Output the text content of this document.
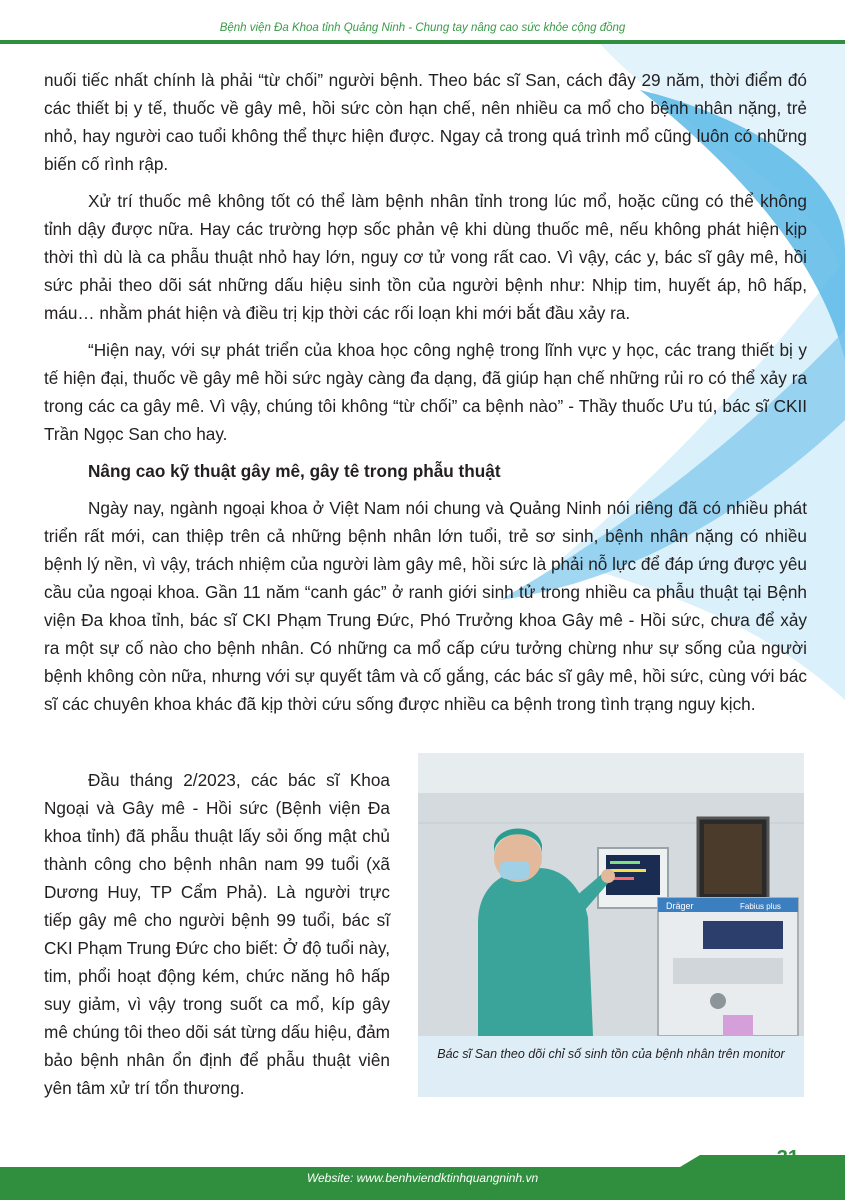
Bệnh viện Đa Khoa tỉnh Quảng Ninh - Chung tay nâng cao sức khỏe cộng đồng

nuối tiếc nhất chính là phải “từ chối” người bệnh. Theo bác sĩ San, cách đây 29 năm, thời điểm đó các thiết bị y tế, thuốc về gây mê, hồi sức còn hạn chế, nên nhiều ca mổ cho bệnh nhân nặng, trẻ nhỏ, hay người cao tuổi không thể thực hiện được. Ngay cả trong quá trình mổ cũng luôn có những biến cố rình rập.

Xử trí thuốc mê không tốt có thể làm bệnh nhân tỉnh trong lúc mổ, hoặc cũng có thể không tỉnh dậy được nữa. Hay các trường hợp sốc phản vệ khi dùng thuốc mê, nếu không phát hiện kịp thời thì dù là ca phẫu thuật nhỏ hay lớn, nguy cơ tử vong rất cao. Vì vậy, các y, bác sĩ gây mê, hồi sức phải theo dõi sát những dấu hiệu sinh tồn của người bệnh như: Nhịp tim, huyết áp, hô hấp, máu… nhằm phát hiện và điều trị kịp thời các rối loạn khi mới bắt đầu xảy ra.

“Hiện nay, với sự phát triển của khoa học công nghệ trong lĩnh vực y học, các trang thiết bị y tế hiện đại, thuốc về gây mê hồi sức ngày càng đa dạng, đã giúp hạn chế những rủi ro có thể xảy ra trong các ca gây mê. Vì vậy, chúng tôi không “từ chối” ca bệnh nào” - Thầy thuốc Ưu tú, bác sĩ CKII Trần Ngọc San cho hay.

Nâng cao kỹ thuật gây mê, gây tê trong phẫu thuật

Ngày nay, ngành ngoại khoa ở Việt Nam nói chung và Quảng Ninh nói riêng đã có nhiều phát triển rất mới, can thiệp trên cả những bệnh nhân lớn tuổi, trẻ sơ sinh, bệnh nhân nặng có nhiều bệnh lý nền, vì vậy, trách nhiệm của người làm gây mê, hồi sức là phải nỗ lực để đáp ứng được yêu cầu của ngoại khoa. Gần 11 năm “canh gác” ở ranh giới sinh tử trong nhiều ca phẫu thuật tại Bệnh viện Đa khoa tỉnh, bác sĩ CKI Phạm Trung Đức, Phó Trưởng khoa Gây mê - Hồi sức, chưa để xảy ra một sự cố nào cho bệnh nhân. Có những ca mổ cấp cứu tưởng chừng như sự sống của người bệnh không còn nữa, nhưng với sự quyết tâm và cố gắng, các bác sĩ gây mê, hồi sức, cùng với bác sĩ các chuyên khoa khác đã kịp thời cứu sống được nhiều ca bệnh trong tình trạng nguy kịch.

Đầu tháng 2/2023, các bác sĩ Khoa Ngoại và Gây mê - Hồi sức (Bệnh viện Đa khoa tỉnh) đã phẫu thuật lấy sỏi ống mật chủ thành công cho bệnh nhân nam 99 tuổi (xã Dương Huy, TP Cẩm Phả). Là người trực tiếp gây mê cho người bệnh 99 tuổi, bác sĩ CKI Phạm Trung Đức cho biết: Ở độ tuổi này, tim, phổi hoạt động kém, chức năng hô hấp suy giảm, vì vậy trong suốt ca mổ, kíp gây mê chúng tôi theo dõi sát từng dấu hiệu, đảm bảo bệnh nhân ổn định để phẫu thuật viên yên tâm xử trí tổn thương.

Dräger	Fabius plus
Bác sĩ San theo dõi chỉ số sinh tồn của bệnh nhân trên monitor
Website: www.benhviendktinhquangninh.vn
31
